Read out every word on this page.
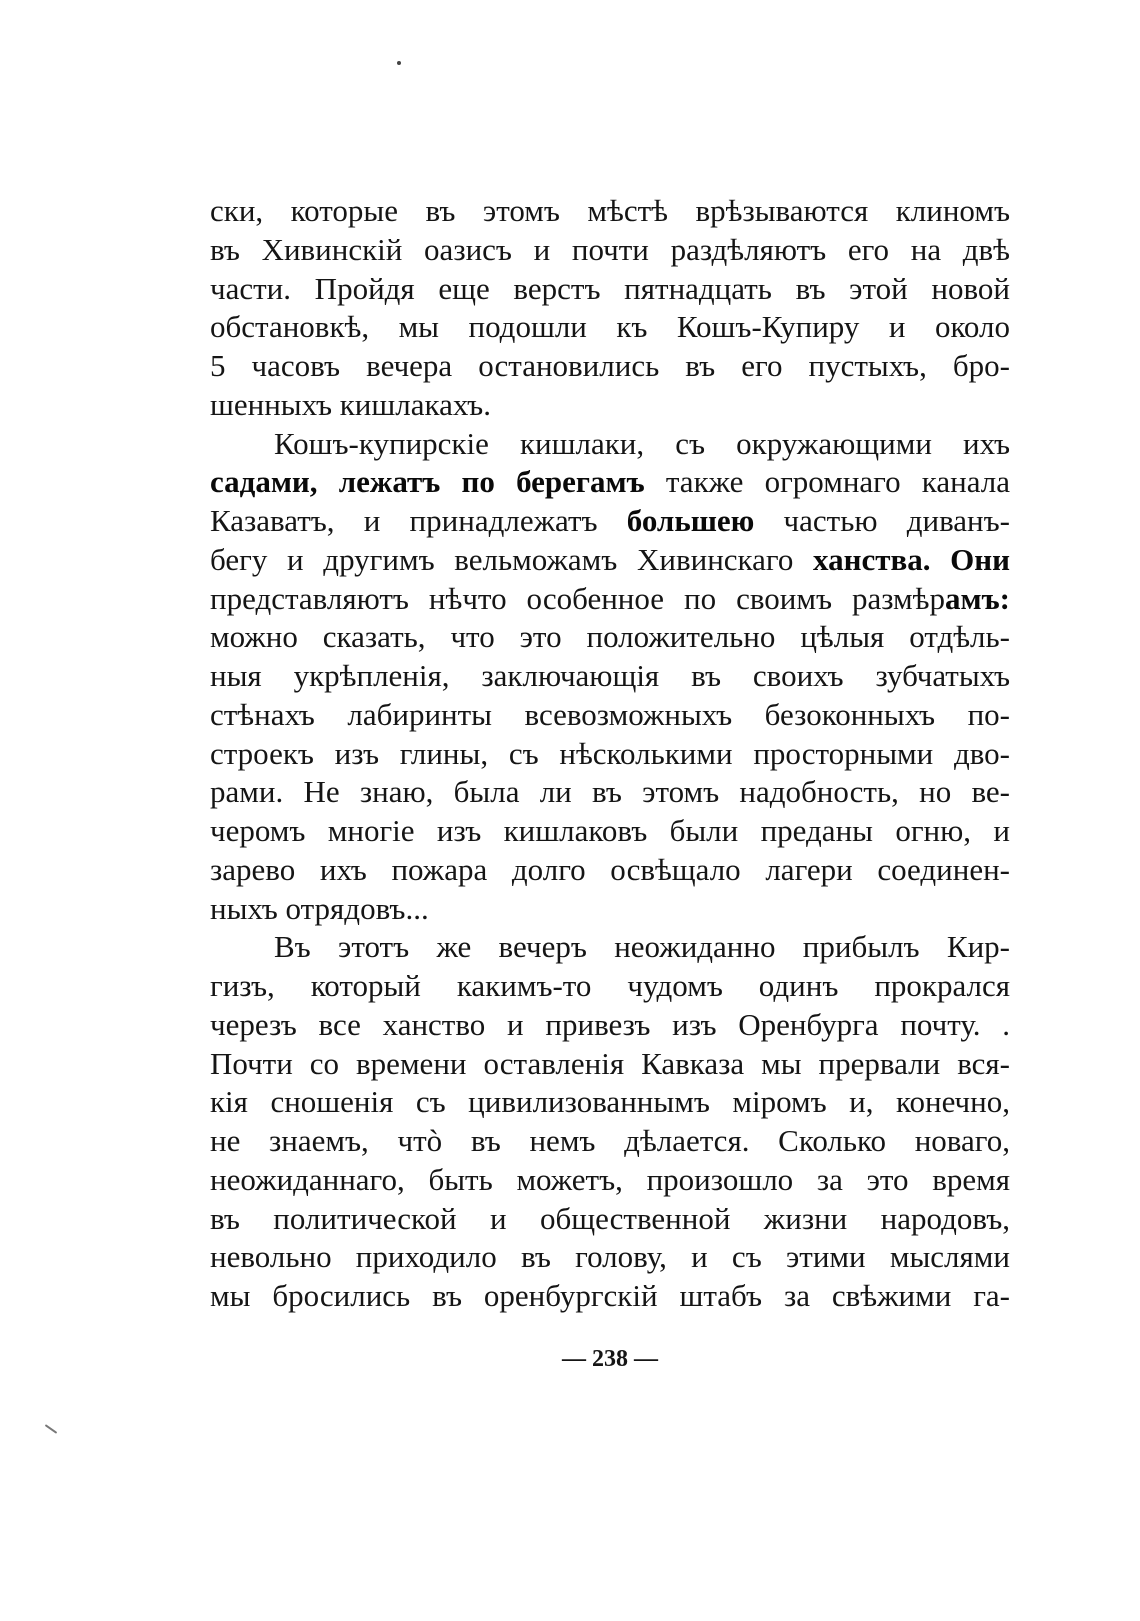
ски, которые въ этомъ мѣстѣ врѣзываются клиномъ
въ Хивинскій оазисъ и почти раздѣляютъ его на двѣ
части. Пройдя еще верстъ пятнадцать въ этой новой
обстановкѣ, мы подошли къ Кошъ-Купиру и около
5 часовъ вечера остановились въ его пустыхъ, бро-
шенныхъ кишлакахъ.
Кошъ-купирскіе кишлаки, съ окружающими ихъ
садами, лежатъ по берегамъ также огромнаго канала
Казаватъ, и принадлежатъ большею частью диванъ-
бегу и другимъ вельможамъ Хивинскаго ханства. Они
представляютъ нѣчто особенное по своимъ размѣрамъ:
можно сказать, что это положительно цѣлыя отдѣль-
ныя укрѣпленія, заключающія въ своихъ зубчатыхъ
стѣнахъ лабиринты всевозможныхъ безоконныхъ по-
строекъ изъ глины, съ нѣсколькими просторными дво-
рами. Не знаю, была ли въ этомъ надобность, но ве-
черомъ многіе изъ кишлаковъ были преданы огню, и
зарево ихъ пожара долго освѣщало лагери соединен-
ныхъ отрядовъ...
Въ этотъ же вечеръ неожиданно прибылъ Кир-
гизъ, который какимъ-то чудомъ одинъ прокрался
черезъ все ханство и привезъ изъ Оренбурга почту. .
Почти со времени оставленія Кавказа мы прервали вся-
кія сношенія съ цивилизованнымъ міромъ и, конечно,
не знаемъ, чтò въ немъ дѣлается. Сколько новаго,
неожиданнаго, быть можетъ, произошло за это время
въ политической и общественной жизни народовъ,
невольно приходило въ голову, и съ этими мыслями
мы бросились въ оренбургскій штабъ за свѣжими га-
— 238 —
